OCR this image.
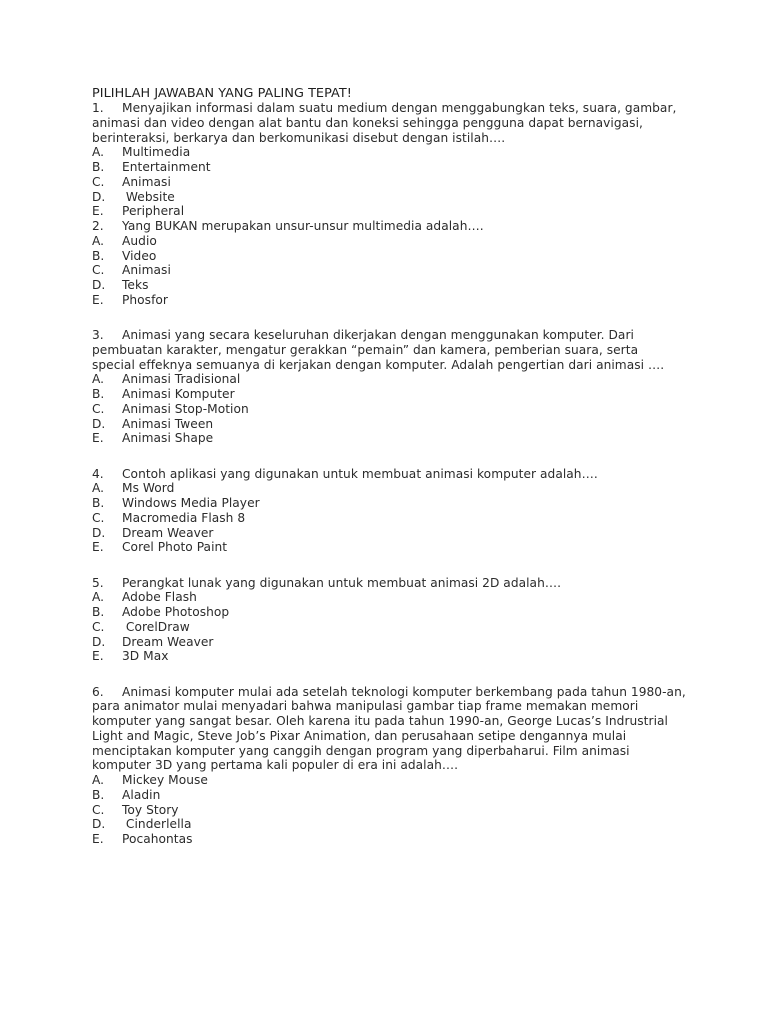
PILIHLAH JAWABAN YANG PALING TEPAT!

1. Menyajikan informasi dalam suatu medium dengan menggabungkan teks, suara, gambar,
animasi dan video dengan alat bantu dan koneksi sehingga pengguna dapat bernavigasi,
berinteraksi, berkarya dan berkomunikasi disebut dengan istilah….
A. Multimedia
B. Entertainment
C. Animasi
D. Website
E. Peripheral
2. Yang BUKAN merupakan unsur-unsur multimedia adalah….
A. Audio
B. Video
C. Animasi
D. Teks
E. Phosfor
3. Animasi yang secara keseluruhan dikerjakan dengan menggunakan komputer. Dari
pembuatan karakter, mengatur gerakkan “pemain” dan kamera, pemberian suara, serta
special effeknya semuanya di kerjakan dengan komputer. Adalah pengertian dari animasi ….
A. Animasi Tradisional
B. Animasi Komputer
C. Animasi Stop-Motion
D. Animasi Tween
E. Animasi Shape
4. Contoh aplikasi yang digunakan untuk membuat animasi komputer adalah….
A. Ms Word
B. Windows Media Player
C. Macromedia Flash 8
D. Dream Weaver
E. Corel Photo Paint
5. Perangkat lunak yang digunakan untuk membuat animasi 2D adalah….
A. Adobe Flash
B. Adobe Photoshop
C. CorelDraw
D. Dream Weaver
E. 3D Max
6. Animasi komputer mulai ada setelah teknologi komputer berkembang pada tahun 1980-an,
para animator mulai menyadari bahwa manipulasi gambar tiap frame memakan memori
komputer yang sangat besar. Oleh karena itu pada tahun 1990-an, George Lucas’s Indrustrial
Light and Magic, Steve Job’s Pixar Animation, dan perusahaan setipe dengannya mulai
menciptakan komputer yang canggih dengan program yang diperbaharui. Film animasi
komputer 3D yang pertama kali populer di era ini adalah….
A. Mickey Mouse
B. Aladin
C. Toy Story
D. Cinderlella
E. Pocahontas
